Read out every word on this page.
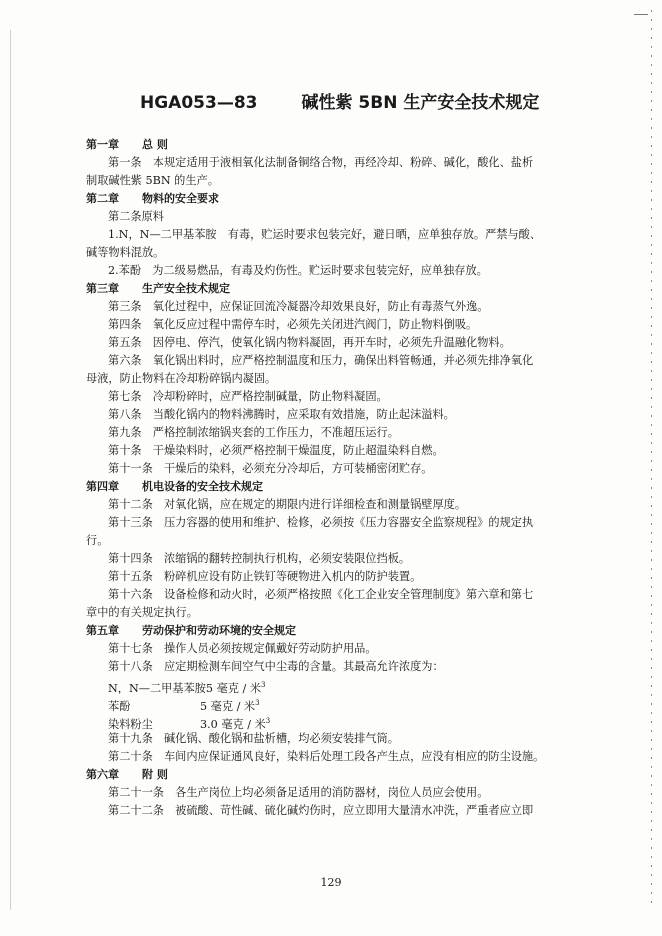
HGA053—83	碱性紫 5BN 生产安全技术规定
第一章 总 则
第一条　本规定适用于液相氧化法制备铜络合物，再经冷却、粉碎、碱化，酸化、盐析
制取碱性紫 5BN 的生产。
第二章 物料的安全要求
第二条原料
1.N，N—二甲基苯胺　有毒，贮运时要求包装完好，避日晒，应单独存放。严禁与酸、
碱等物料混放。
2.苯酚　为二级易燃品，有毒及灼伤性。贮运时要求包装完好，应单独存放。
第三章 生产安全技术规定
第三条　氧化过程中，应保证回流冷凝器冷却效果良好，防止有毒蒸气外逸。
第四条　氧化反应过程中需停车时，必须先关闭进汽阀门，防止物料倒吸。
第五条　因停电、停汽，使氧化锅内物料凝固，再开车时，必须先升温融化物料。
第六条　氧化锅出料时，应严格控制温度和压力，确保出料管畅通，并必须先排净氧化
母液，防止物料在冷却粉碎锅内凝固。
第七条　冷却粉碎时，应严格控制碱量，防止物料凝固。
第八条　当酸化锅内的物料沸腾时，应采取有效措施，防止起沫溢料。
第九条　严格控制浓缩锅夹套的工作压力，不准超压运行。
第十条　干燥染料时，必须严格控制干燥温度，防止超温染料自燃。
第十一条　干燥后的染料，必须充分冷却后，方可装桶密闭贮存。
第四章 机电设备的安全技术规定
第十二条　对氧化锅，应在规定的期限内进行详细检查和测量锅壁厚度。
第十三条　压力容器的使用和维护、检修，必须按《压力容器安全监察规程》的规定执
行。
第十四条　浓缩锅的翻转控制执行机构，必须安装限位挡板。
第十五条　粉碎机应设有防止铁钉等硬物进入机内的防护装置。
第十六条　设备检修和动火时，必须严格按照《化工企业安全管理制度》第六章和第七
章中的有关规定执行。
第五章 劳动保护和劳动环境的安全规定
第十七条　操作人员必须按规定佩戴好劳动防护用品。
第十八条　应定期检测车间空气中尘毒的含量。其最高允许浓度为：
N，N—二甲基苯胺5 毫克 / 米$^3$
苯酚	5 毫克 / 米$^3$
染料粉尘	3.0 毫克 / 米$^3$
第十九条　碱化锅、酸化锅和盐析槽，均必须安装排气筒。
第二十条　车间内应保证通风良好，染料后处理工段各产生点，应没有相应的防尘设施。
第六章 附 则
第二十一条　各生产岗位上均必须备足适用的消防器材，岗位人员应会使用。
第二十二条　被硫酸、苛性碱、硫化碱灼伤时，应立即用大量清水冲洗，严重者应立即
129
